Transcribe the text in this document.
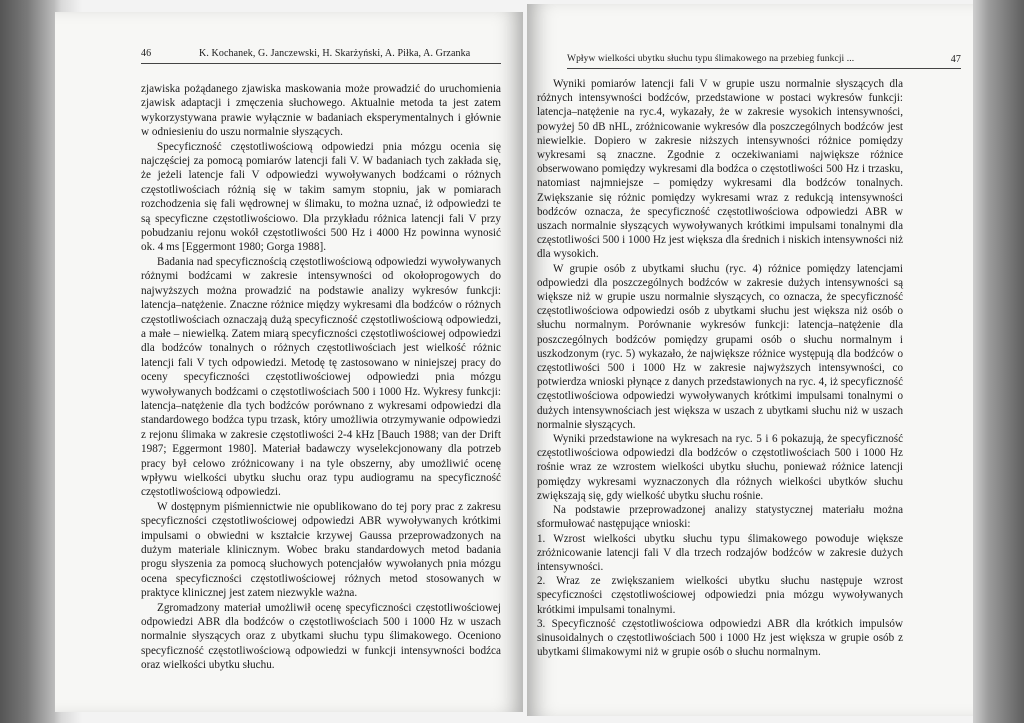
46	K. Kochanek, G. Janczewski, H. Skarżyński, A. Piłka, A. Grzanka

zjawiska pożądanego zjawiska maskowania może prowadzić do uruchomienia zjawisk adaptacji i zmęczenia słuchowego. Aktualnie metoda ta jest zatem wykorzystywana prawie wyłącznie w badaniach eksperymentalnych i głównie w odniesieniu do uszu normalnie słyszących.

Specyficzność częstotliwościową odpowiedzi pnia mózgu ocenia się najczęściej za pomocą pomiarów latencji fali V. W badaniach tych zakłada się, że jeżeli latencje fali V odpowiedzi wywoływanych bodźcami o różnych częstotliwościach różnią się w takim samym stopniu, jak w pomiarach rozchodzenia się fali wędrownej w ślimaku, to można uznać, iż odpowiedzi te są specyficzne częstotliwościowo. Dla przykładu różnica latencji fali V przy pobudzaniu rejonu wokół częstotliwości 500 Hz i 4000 Hz powinna wynosić ok. 4 ms [Eggermont 1980; Gorga 1988].

Badania nad specyficznością częstotliwościową odpowiedzi wywoływanych różnymi bodźcami w zakresie intensywności od okołoprogowych do najwyższych można prowadzić na podstawie analizy wykresów funkcji: latencja–natężenie. Znaczne różnice między wykresami dla bodźców o różnych częstotliwościach oznaczają dużą specyficzność częstotliwościową odpowiedzi, a małe – niewielką. Zatem miarą specyficzności częstotliwościowej odpowiedzi dla bodźców tonalnych o różnych częstotliwościach jest wielkość różnic latencji fali V tych odpowiedzi. Metodę tę zastosowano w niniejszej pracy do oceny specyficzności częstotliwościowej odpowiedzi pnia mózgu wywoływanych bodźcami o częstotliwościach 500 i 1000 Hz. Wykresy funkcji: latencja–natężenie dla tych bodźców porównano z wykresami odpowiedzi dla standardowego bodźca typu trzask, który umożliwia otrzymywanie odpowiedzi z rejonu ślimaka w zakresie częstotliwości 2-4 kHz [Bauch 1988; van der Drift 1987; Eggermont 1980]. Materiał badawczy wyselekcjonowany dla potrzeb pracy był celowo zróżnicowany i na tyle obszerny, aby umożliwić ocenę wpływu wielkości ubytku słuchu oraz typu audiogramu na specyficzność częstotliwościową odpowiedzi.

W dostępnym piśmiennictwie nie opublikowano do tej pory prac z zakresu specyficzności częstotliwościowej odpowiedzi ABR wywoływanych krótkimi impulsami o obwiedni w kształcie krzywej Gaussa przeprowadzonych na dużym materiale klinicznym. Wobec braku standardowych metod badania progu słyszenia za pomocą słuchowych potencjałów wywołanych pnia mózgu ocena specyficzności częstotliwościowej różnych metod stosowanych w praktyce klinicznej jest zatem niezwykle ważna.

Zgromadzony materiał umożliwił ocenę specyficzności częstotliwościowej odpowiedzi ABR dla bodźców o częstotliwościach 500 i 1000 Hz w uszach normalnie słyszących oraz z ubytkami słuchu typu ślimakowego. Oceniono specyficzność częstotliwościową odpowiedzi w funkcji intensywności bodźca oraz wielkości ubytku słuchu.

Wpływ wielkości ubytku słuchu typu ślimakowego na przebieg funkcji ...	47

Wyniki pomiarów latencji fali V w grupie uszu normalnie słyszących dla różnych intensywności bodźców, przedstawione w postaci wykresów funkcji: latencja–natężenie na ryc.4, wykazały, że w zakresie wysokich intensywności, powyżej 50 dB nHL, zróżnicowanie wykresów dla poszczególnych bodźców jest niewielkie. Dopiero w zakresie niższych intensywności różnice pomiędzy wykresami są znaczne. Zgodnie z oczekiwaniami największe różnice obserwowano pomiędzy wykresami dla bodźca o częstotliwości 500 Hz i trzasku, natomiast najmniejsze – pomiędzy wykresami dla bodźców tonalnych. Zwiększanie się różnic pomiędzy wykresami wraz z redukcją intensywności bodźców oznacza, że specyficzność częstotliwościowa odpowiedzi ABR w uszach normalnie słyszących wywoływanych krótkimi impulsami tonalnymi dla częstotliwości 500 i 1000 Hz jest większa dla średnich i niskich intensywności niż dla wysokich.

W grupie osób z ubytkami słuchu (ryc. 4) różnice pomiędzy latencjami odpowiedzi dla poszczególnych bodźców w zakresie dużych intensywności są większe niż w grupie uszu normalnie słyszących, co oznacza, że specyficzność częstotliwościowa odpowiedzi osób z ubytkami słuchu jest większa niż osób o słuchu normalnym. Porównanie wykresów funkcji: latencja–natężenie dla poszczególnych bodźców pomiędzy grupami osób o słuchu normalnym i uszkodzonym (ryc. 5) wykazało, że największe różnice występują dla bodźców o częstotliwości 500 i 1000 Hz w zakresie najwyższych intensywności, co potwierdza wnioski płynące z danych przedstawionych na ryc. 4, iż specyficzność częstotliwościowa odpowiedzi wywoływanych krótkimi impulsami tonalnymi o dużych intensywnościach jest większa w uszach z ubytkami słuchu niż w uszach normalnie słyszących.

Wyniki przedstawione na wykresach na ryc. 5 i 6 pokazują, że specyficzność częstotliwościowa odpowiedzi dla bodźców o częstotliwościach 500 i 1000 Hz rośnie wraz ze wzrostem wielkości ubytku słuchu, ponieważ różnice latencji pomiędzy wykresami wyznaczonych dla różnych wielkości ubytków słuchu zwiększają się, gdy wielkość ubytku słuchu rośnie.

Na podstawie przeprowadzonej analizy statystycznej materiału można sformułować następujące wnioski:

1. Wzrost wielkości ubytku słuchu typu ślimakowego powoduje większe zróżnicowanie latencji fali V dla trzech rodzajów bodźców w zakresie dużych intensywności.

2. Wraz ze zwiększaniem wielkości ubytku słuchu następuje wzrost specyficzności częstotliwościowej odpowiedzi pnia mózgu wywoływanych krótkimi impulsami tonalnymi.

3. Specyficzność częstotliwościowa odpowiedzi ABR dla krótkich impulsów sinusoidalnych o częstotliwościach 500 i 1000 Hz jest większa w grupie osób z ubytkami ślimakowymi niż w grupie osób o słuchu normalnym.
